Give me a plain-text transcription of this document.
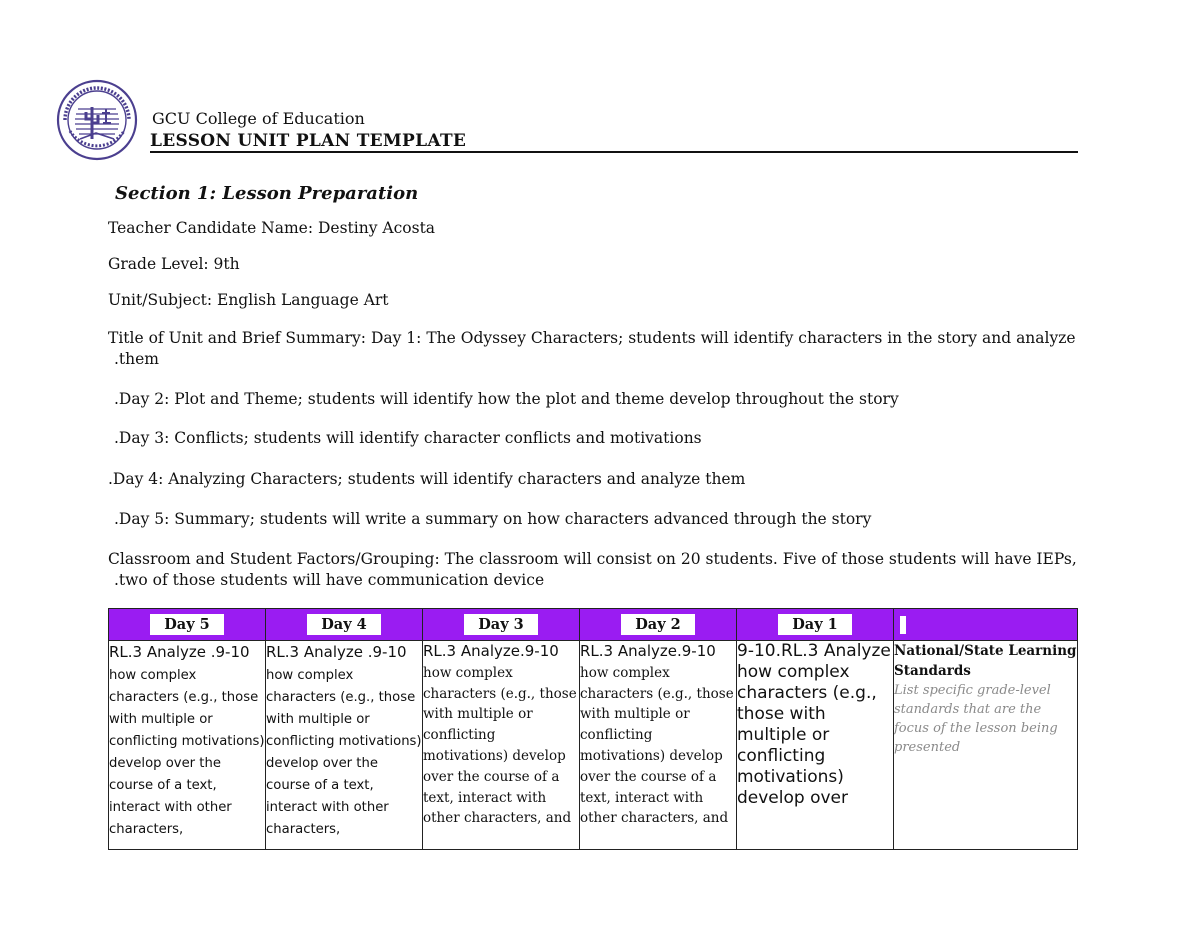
GCU College of Education
LESSON UNIT PLAN TEMPLATE
Section 1: Lesson Preparation
Teacher Candidate Name: Destiny Acosta
Grade Level: 9th
Unit/Subject: English Language Art
Title of Unit and Brief Summary: Day 1: The Odyssey Characters; students will identify characters in the story and analyze
.them
.Day 2: Plot and Theme; students will identify how the plot and theme develop throughout the story
.Day 3: Conflicts; students will identify character conflicts and motivations
.Day 4: Analyzing Characters; students will identify characters and analyze them
.Day 5: Summary; students will write a summary on how characters advanced through the story
Classroom and Student Factors/Grouping: The classroom will consist on 20 students. Five of those students will have IEPs,
.two of those students will have communication device
Day 5	Day 4	Day 3	Day 2	Day 1	

RL.3 Analyze .9-10 how complex characters (e.g., those with multiple or conflicting motivations) develop over the course of a text, interact with other characters,	RL.3 Analyze .9-10 how complex characters (e.g., those with multiple or conflicting motivations) develop over the course of a text, interact with other characters,	RL.3 Analyze.9-10 how complex characters (e.g., those with multiple or conflicting motivations) develop over the course of a text, interact with other characters, and	RL.3 Analyze.9-10 how complex characters (e.g., those with multiple or conflicting motivations) develop over the course of a text, interact with other characters, and	9-10.RL.3 Analyze how complex characters (e.g., those with multiple or conflicting motivations) develop over	National/State Learning Standards
List specific grade-level standards that are the focus of the lesson being presented
